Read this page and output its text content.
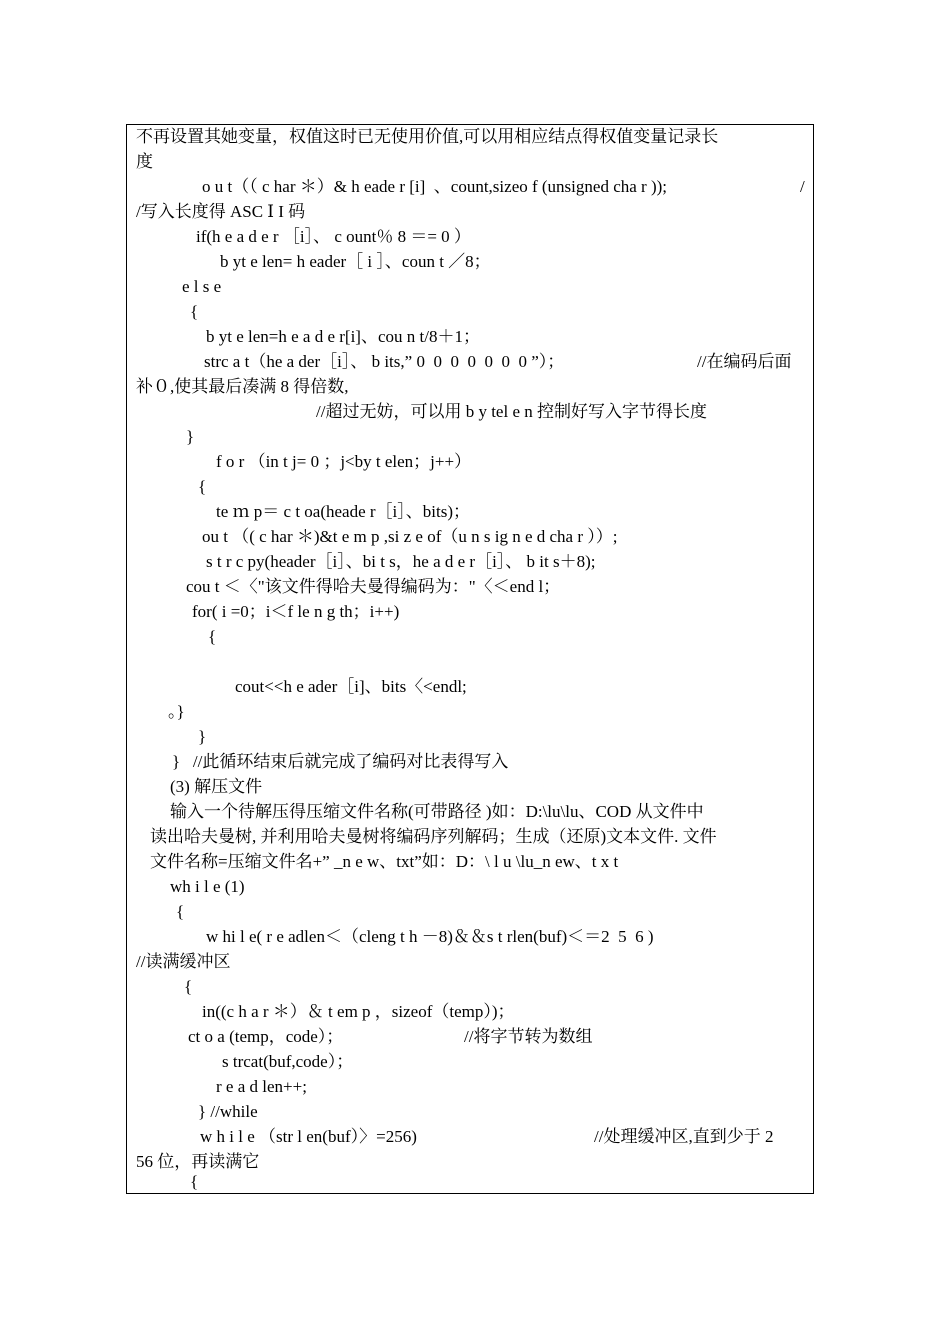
不再设置其她变量，权值这时已无使用价值,可以用相应结点得权值变量记录长
度
o u t（（ c har ＊）& h eade r [i]  、count,sizeo f (unsigned cha r ));	/
/写入长度得 ASC Ⅰ I 码
if(h e a d e r ［i］、 c ount％ 8 ＝= 0 ）
b yt e len= h eader［ i ］、coun t ／8；
e l s e
{
b yt e len=h e a d e r[i]、cou n t/8＋1；
strc a t（he a der［i］、 b its,” 0  0  0  0  0  0  0 ”）；	//在编码后面
补０,使其最后凑满 8 得倍数,
//超过无妨，可以用 b y tel e n 控制好写入字节得长度
}
f o r （in t j= 0 ；j<by t elen；j++）
{
te ｍ p＝ c t oa(heade r［i］、bits)；
ou t （( c har ＊)&t e m p ,si z e of（u n s ig n e d cha r ））;
s t r c py(header［i］、bi t s，he a d e r［i］、 b it s＋8);
cou t ＜〈"该文件得哈夫曼得编码为："〈＜end l；
for( i =0；i＜f le n g th；i++)
{
cout<<h e ader［i]、bits〈<endl;
。}
}
}   //此循环结束后就完成了编码对比表得写入
(3) 解压文件
输入一个待解压得压缩文件名称(可带路径 )如：D:\lu\lu、COD 从文件中
读出哈夫曼树, 并利用哈夫曼树将编码序列解码；生成（还原)文本文件. 文件
文件名称=压缩文件名+” _n e w、txt”如：D：\ l u \lu_n ew、t x t
wh i l e (1)
{
w hi l e( r e adlen＜（cleng t h －8)＆＆s t rlen(buf)＜＝2  5  6 )
//读满缓冲区
{
in((c h a r ＊）＆ t em p ，sizeof（temp）)；
ct o a (temp，code）；	//将字节转为数组
s trcat(buf,code）；
r e a d len++;
} //while
w h i l e （str l en(buf）〉=256)	//处理缓冲区,直到少于 2
56 位，再读满它
{
